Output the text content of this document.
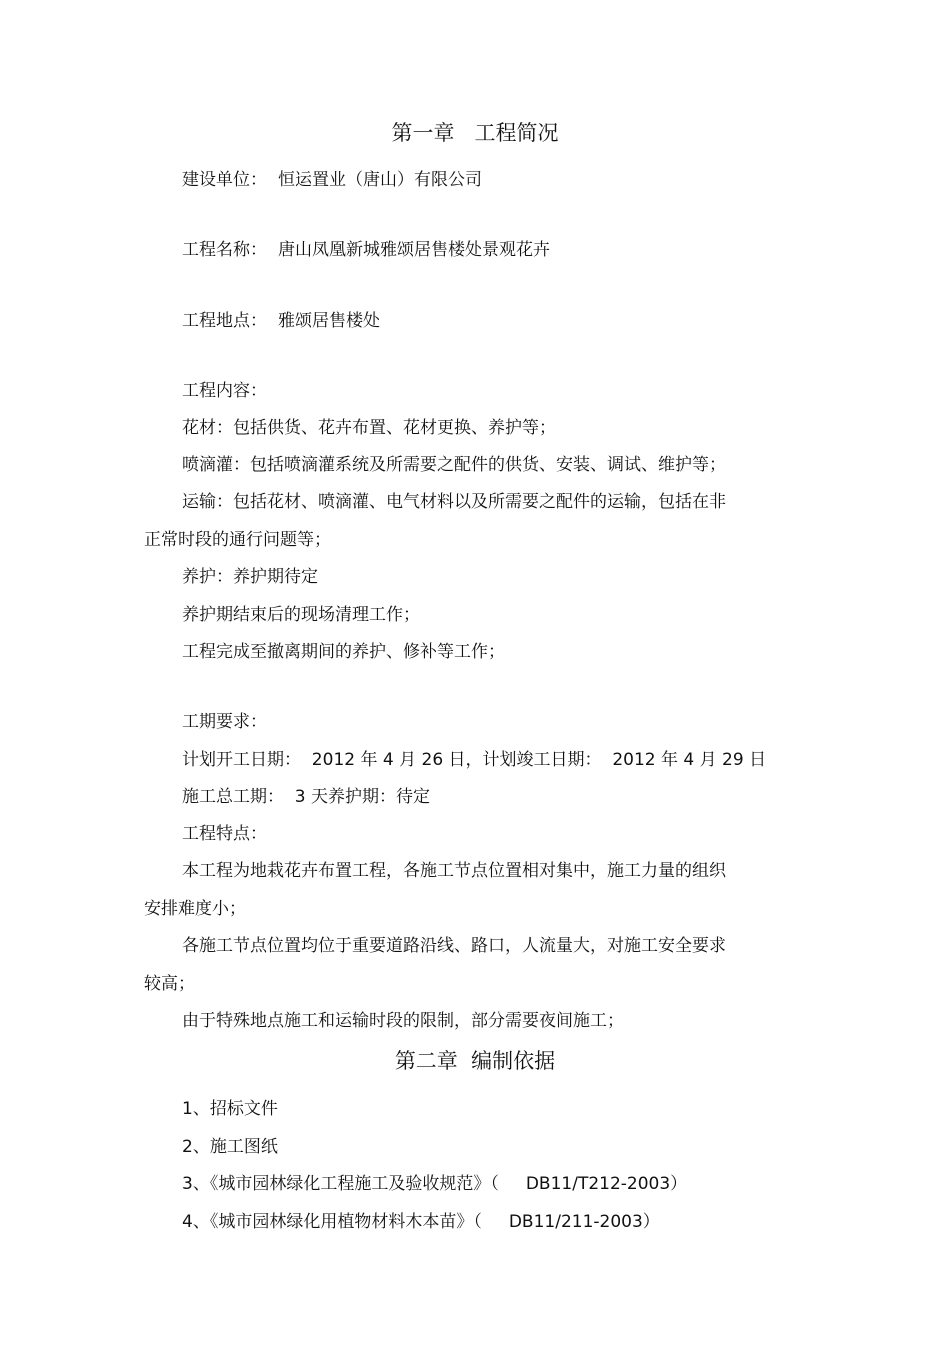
第一章   工程简况
建设单位： 恒运置业（唐山）有限公司
工程名称： 唐山凤凰新城雅颂居售楼处景观花卉
工程地点： 雅颂居售楼处
工程内容：
花材：包括供货、花卉布置、花材更换、养护等；
喷滴灌：包括喷滴灌系统及所需要之配件的供货、安装、调试、维护等；
运输：包括花材、喷滴灌、电气材料以及所需要之配件的运输，包括在非
正常时段的通行问题等；
养护：养护期待定
养护期结束后的现场清理工作；
工程完成至撤离期间的养护、修补等工作；
工期要求：
计划开工日期：  2012 年 4 月 26 日，计划竣工日期：  2012 年 4 月 29 日
施工总工期：  3 天养护期：待定
工程特点：
本工程为地栽花卉布置工程，各施工节点位置相对集中，施工力量的组织
安排难度小；
各施工节点位置均位于重要道路沿线、路口，人流量大，对施工安全要求
较高；
由于特殊地点施工和运输时段的限制，部分需要夜间施工；
第二章  编制依据
1、招标文件
2、施工图纸
3、《城市园林绿化工程施工及验收规范》（     DB11/T212-2003）
4、《城市园林绿化用植物材料木本苗》（     DB11/211-2003）
